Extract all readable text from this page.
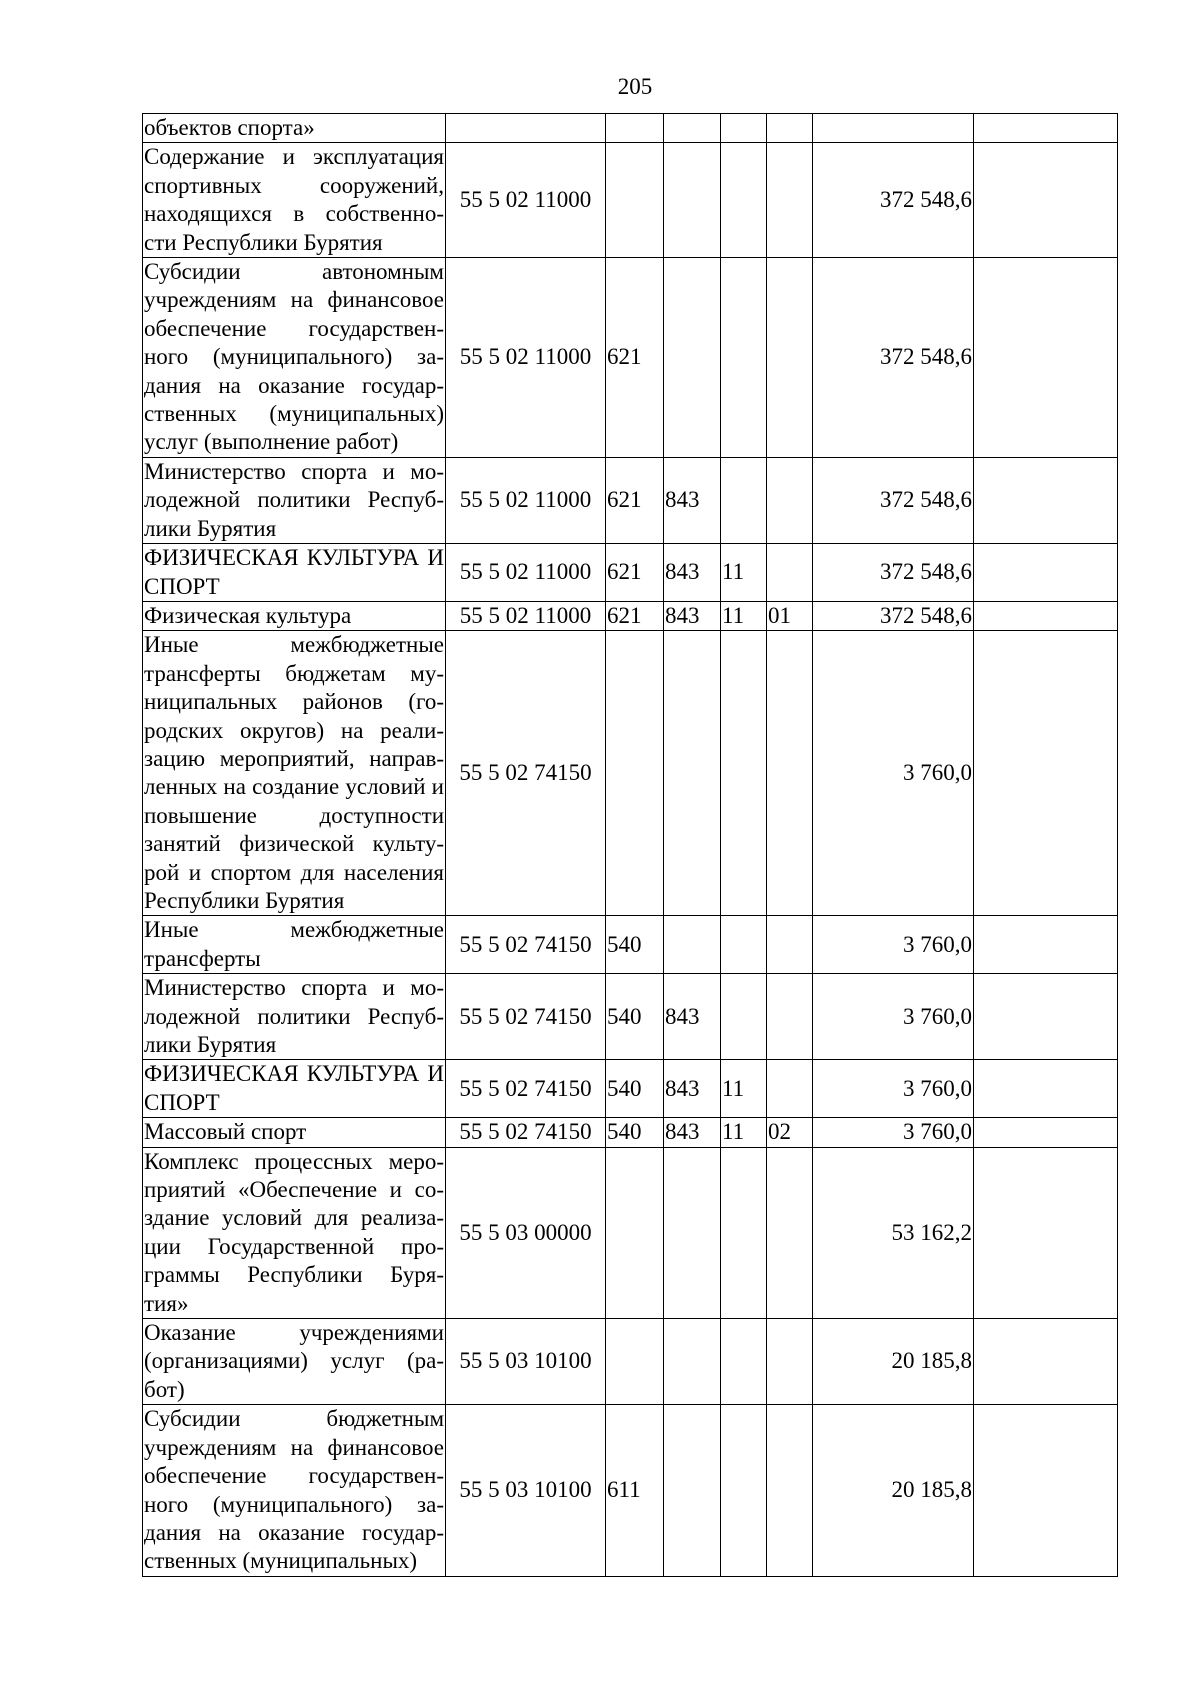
205
объектов спорта»							
Содержание и эксплуатация спортивных сооружений, находящихся в собственно-сти Республики Бурятия	55 5 02 11000					372 548,6	
Субсидии автономным учреждениям на финансовое обеспечение государствен-ного (муниципального) за-дания на оказание государ-ственных (муниципальных) услуг (выполнение работ)	55 5 02 11000	621				372 548,6	
Министерство спорта и мо-лодежной политики Респуб-лики Бурятия	55 5 02 11000	621	843			372 548,6	
ФИЗИЧЕСКАЯ КУЛЬТУРА И СПОРТ	55 5 02 11000	621	843	11		372 548,6	
Физическая культура	55 5 02 11000	621	843	11	01	372 548,6	
Иные межбюджетные трансферты бюджетам му-ниципальных районов (го-родских округов) на реали-зацию мероприятий, направ-ленных на создание условий и повышение доступности занятий физической культу-рой и спортом для населения Республики Бурятия	55 5 02 74150					3 760,0	
Иные межбюджетные трансферты	55 5 02 74150	540				3 760,0	
Министерство спорта и мо-лодежной политики Респуб-лики Бурятия	55 5 02 74150	540	843			3 760,0	
ФИЗИЧЕСКАЯ КУЛЬТУРА И СПОРТ	55 5 02 74150	540	843	11		3 760,0	
Массовый спорт	55 5 02 74150	540	843	11	02	3 760,0	
Комплекс процессных меро-приятий «Обеспечение и со-здание условий для реализа-ции Государственной про-граммы Республики Буря-тия»	55 5 03 00000					53 162,2	
Оказание учреждениями (организациями) услуг (ра-бот)	55 5 03 10100					20 185,8	
Субсидии бюджетным учреждениям на финансовое обеспечение государствен-ного (муниципального) за-дания на оказание государ-ственных (муниципальных)	55 5 03 10100	611				20 185,8	
